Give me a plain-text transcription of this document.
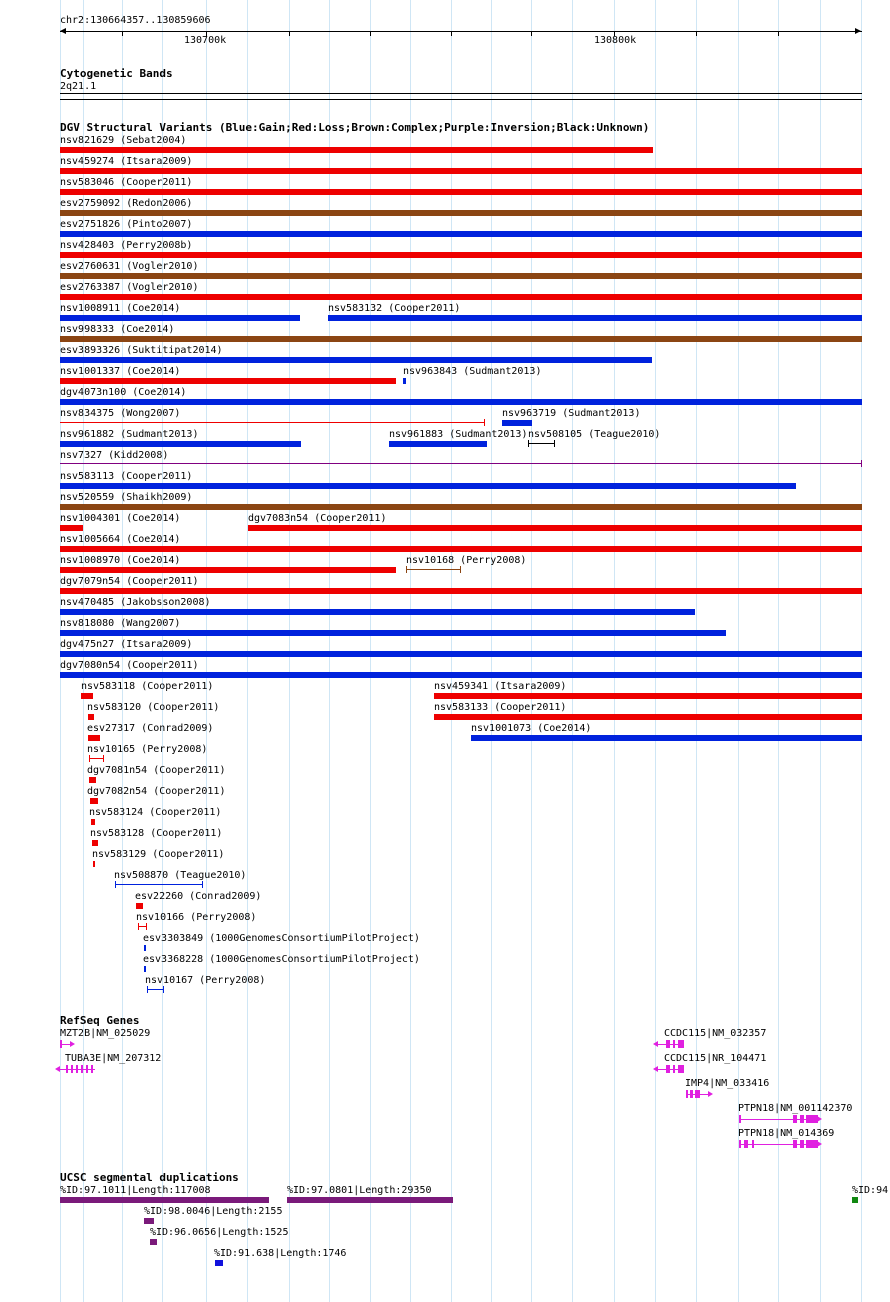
chr2:130664357..130859606
130700k	130800k
Cytogenetic Bands
2q21.1
DGV Structural Variants (Blue:Gain;Red:Loss;Brown:Complex;Purple:Inversion;Black:Unknown)
nsv821629 (Sebat2004)
nsv459274 (Itsara2009)
nsv583046 (Cooper2011)
esv2759092 (Redon2006)
esv2751826 (Pinto2007)
nsv428403 (Perry2008b)
esv2760631 (Vogler2010)
esv2763387 (Vogler2010)
nsv1008911 (Coe2014)	nsv583132 (Cooper2011)
nsv998333 (Coe2014)
esv3893326 (Suktitipat2014)
nsv1001337 (Coe2014)	nsv963843 (Sudmant2013)
dgv4073n100 (Coe2014)
nsv834375 (Wong2007)	nsv963719 (Sudmant2013)
nsv961882 (Sudmant2013)	nsv961883 (Sudmant2013) nsv508105 (Teague2010)
nsv7327 (Kidd2008)
nsv583113 (Cooper2011)
nsv520559 (Shaikh2009)
nsv1004301 (Coe2014)	dgv7083n54 (Cooper2011)
nsv1005664 (Coe2014)
nsv1008970 (Coe2014)	nsv10168 (Perry2008)
dgv7079n54 (Cooper2011)
nsv470485 (Jakobsson2008)
nsv818080 (Wang2007)
dgv475n27 (Itsara2009)
dgv7080n54 (Cooper2011)
nsv583118 (Cooper2011)	nsv459341 (Itsara2009)
nsv583120 (Cooper2011)	nsv583133 (Cooper2011)
esv27317 (Conrad2009)	nsv1001073 (Coe2014)
nsv10165 (Perry2008)
dgv7081n54 (Cooper2011)
dgv7082n54 (Cooper2011)
nsv583124 (Cooper2011)
nsv583128 (Cooper2011)
nsv583129 (Cooper2011)
nsv508870 (Teague2010)
esv22260 (Conrad2009)
nsv10166 (Perry2008)
esv3303849 (1000GenomesConsortiumPilotProject)
esv3368228 (1000GenomesConsortiumPilotProject)
nsv10167 (Perry2008)
RefSeq Genes
MZT2B|NM_025029
TUBA3E|NM_207312
CCDC115|NM_032357
CCDC115|NR_104471
IMP4|NM_033416
PTPN18|NM_001142370
PTPN18|NM_014369
UCSC segmental duplications
%ID:97.1011|Length:117008	%ID:97.0801|Length:29350	%ID:94
%ID:98.0046|Length:2155
%ID:96.0656|Length:1525
%ID:91.638|Length:1746
